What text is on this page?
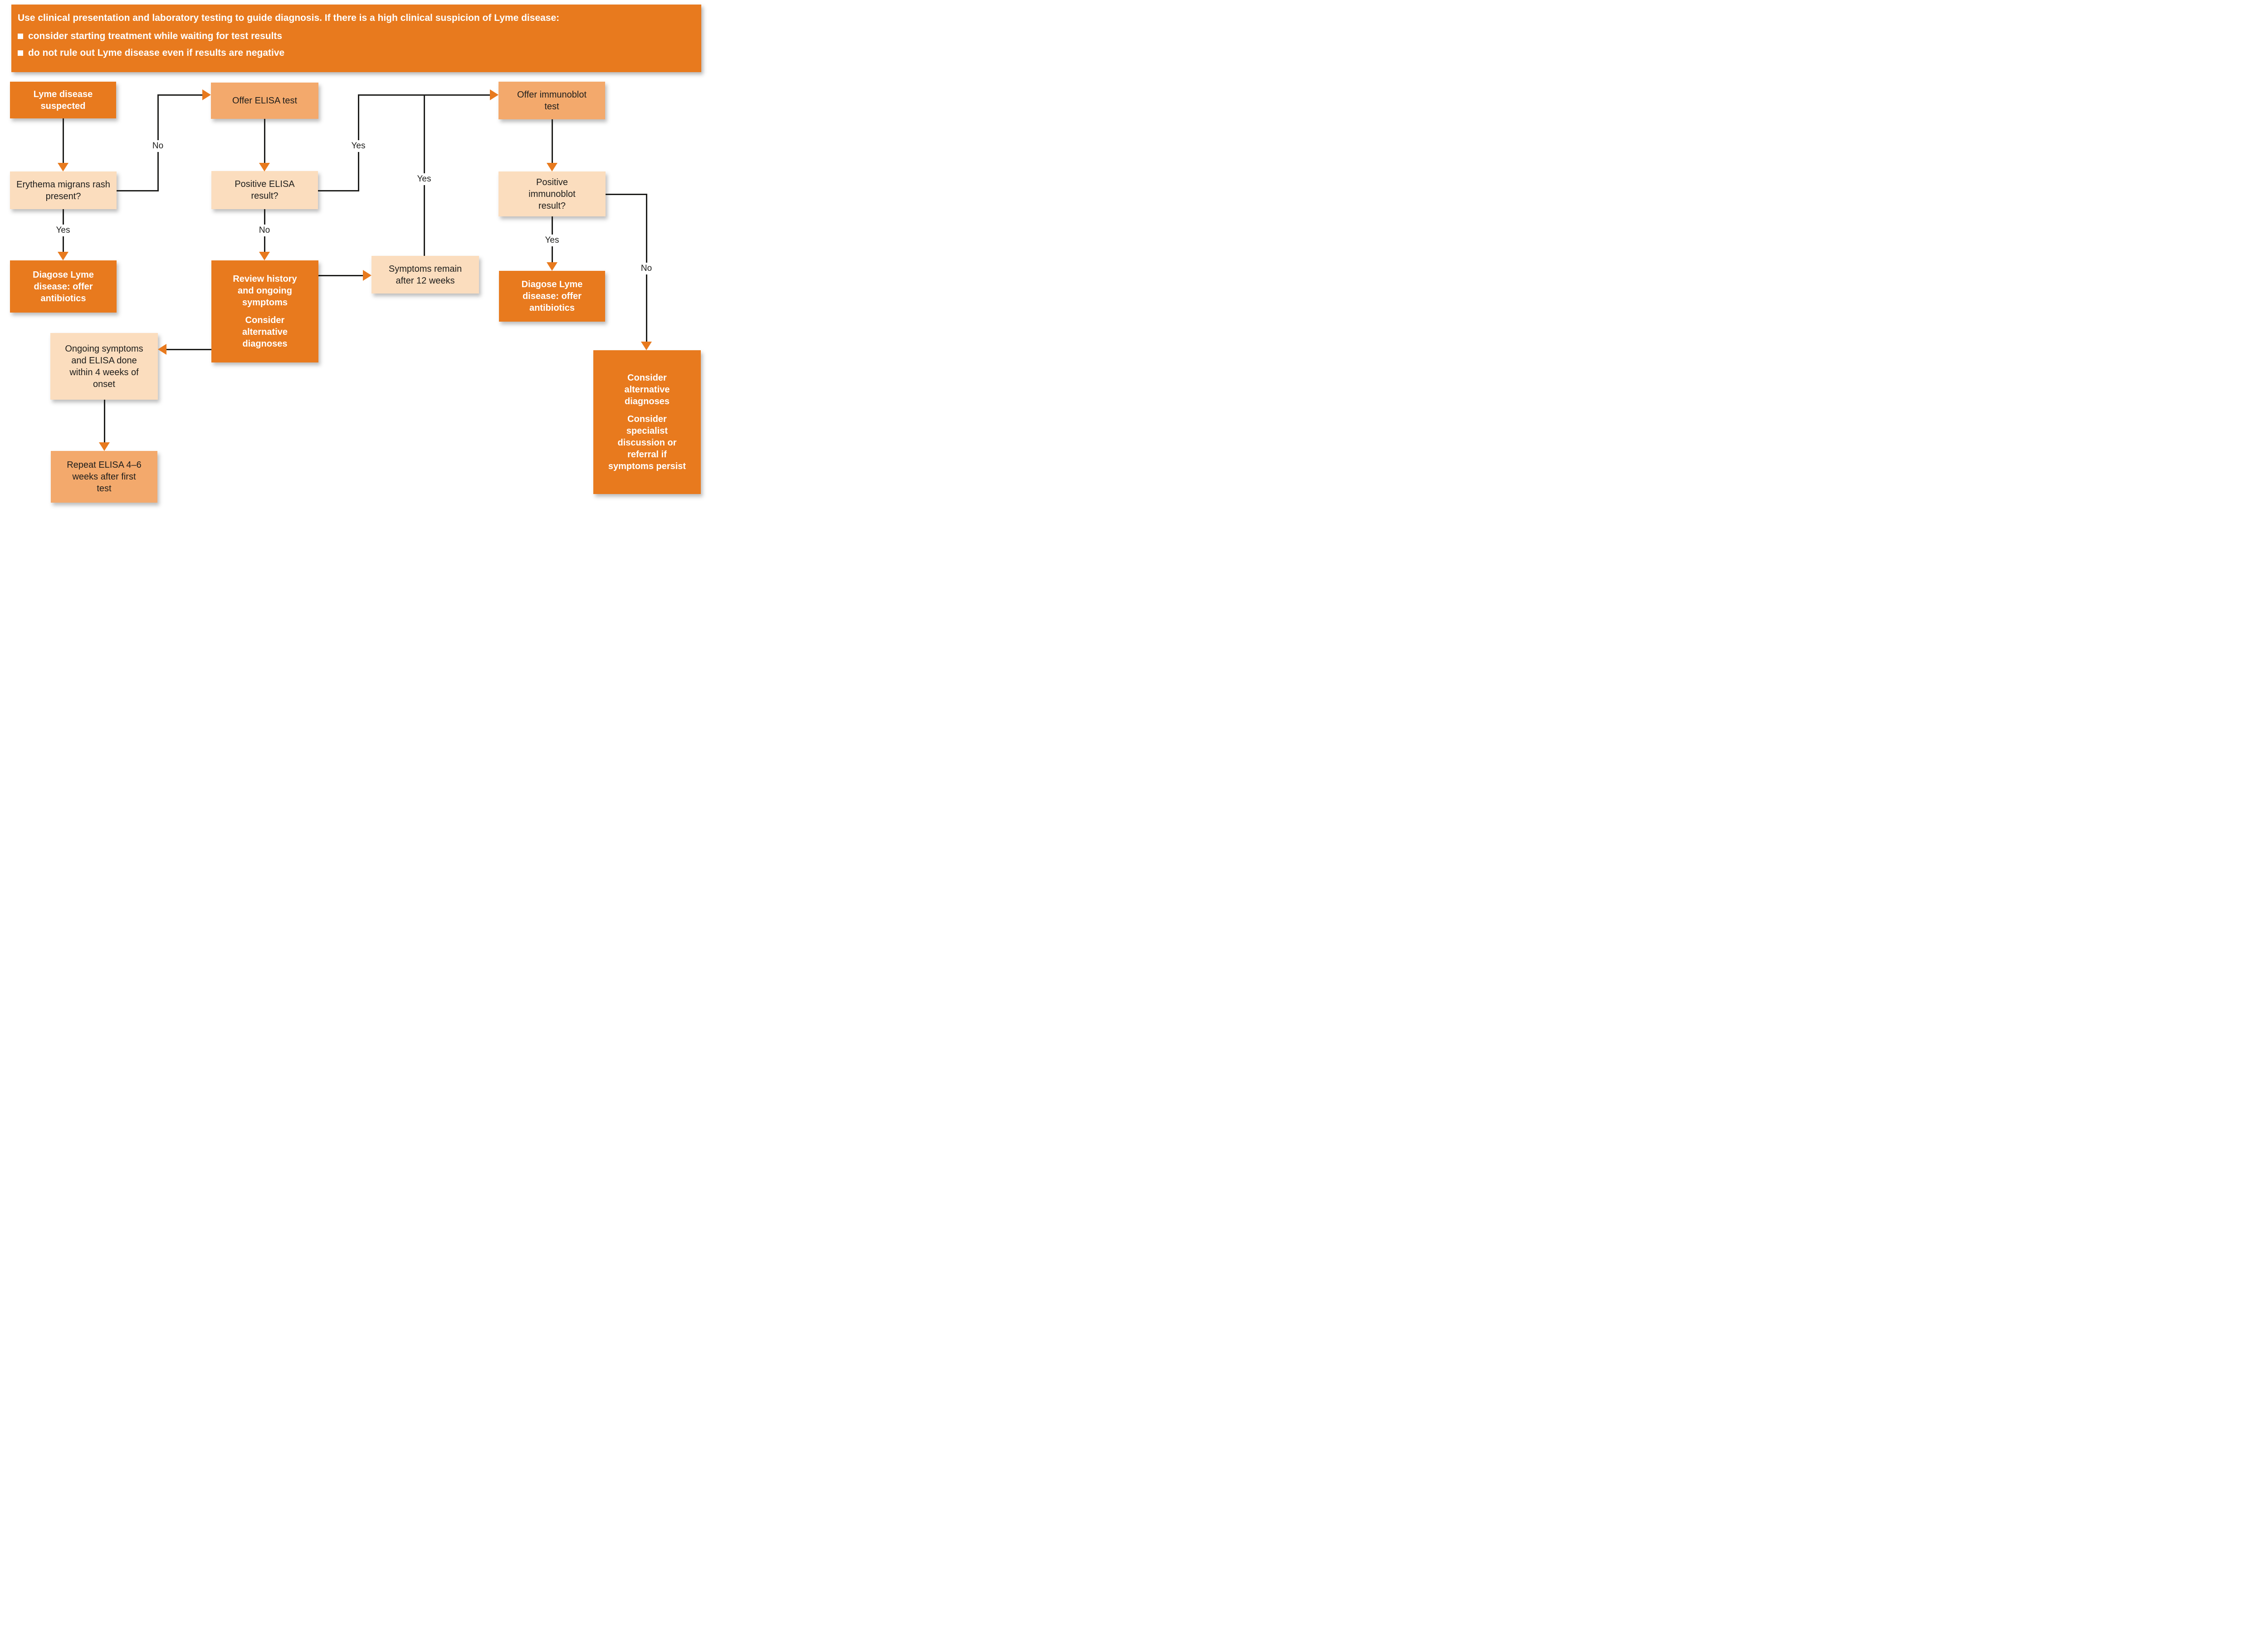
Use clinical presentation and laboratory testing to guide diagnosis. If there is a high clinical suspicion of Lyme disease:
consider starting treatment while waiting for test results
do not rule out Lyme disease even if results are negative
Lyme disease suspected
Offer ELISA test
Offer immunoblot test
Erythema migrans rash present?
Positive ELISA result?
Positive immunoblot result?
Diagose Lyme disease: offer antibiotics
Review history and ongoing symptoms
Consider alternative diagnoses
Symptoms remain after 12 weeks	Diagose Lyme disease: offer antibiotics
Ongoing symptoms and ELISA done within 4 weeks of onset
Repeat ELISA 4–6 weeks after first test
Consider alternative diagnoses
Consider specialist discussion or referral if symptoms persist
No
Yes	No
Yes
Yes
Yes
No
